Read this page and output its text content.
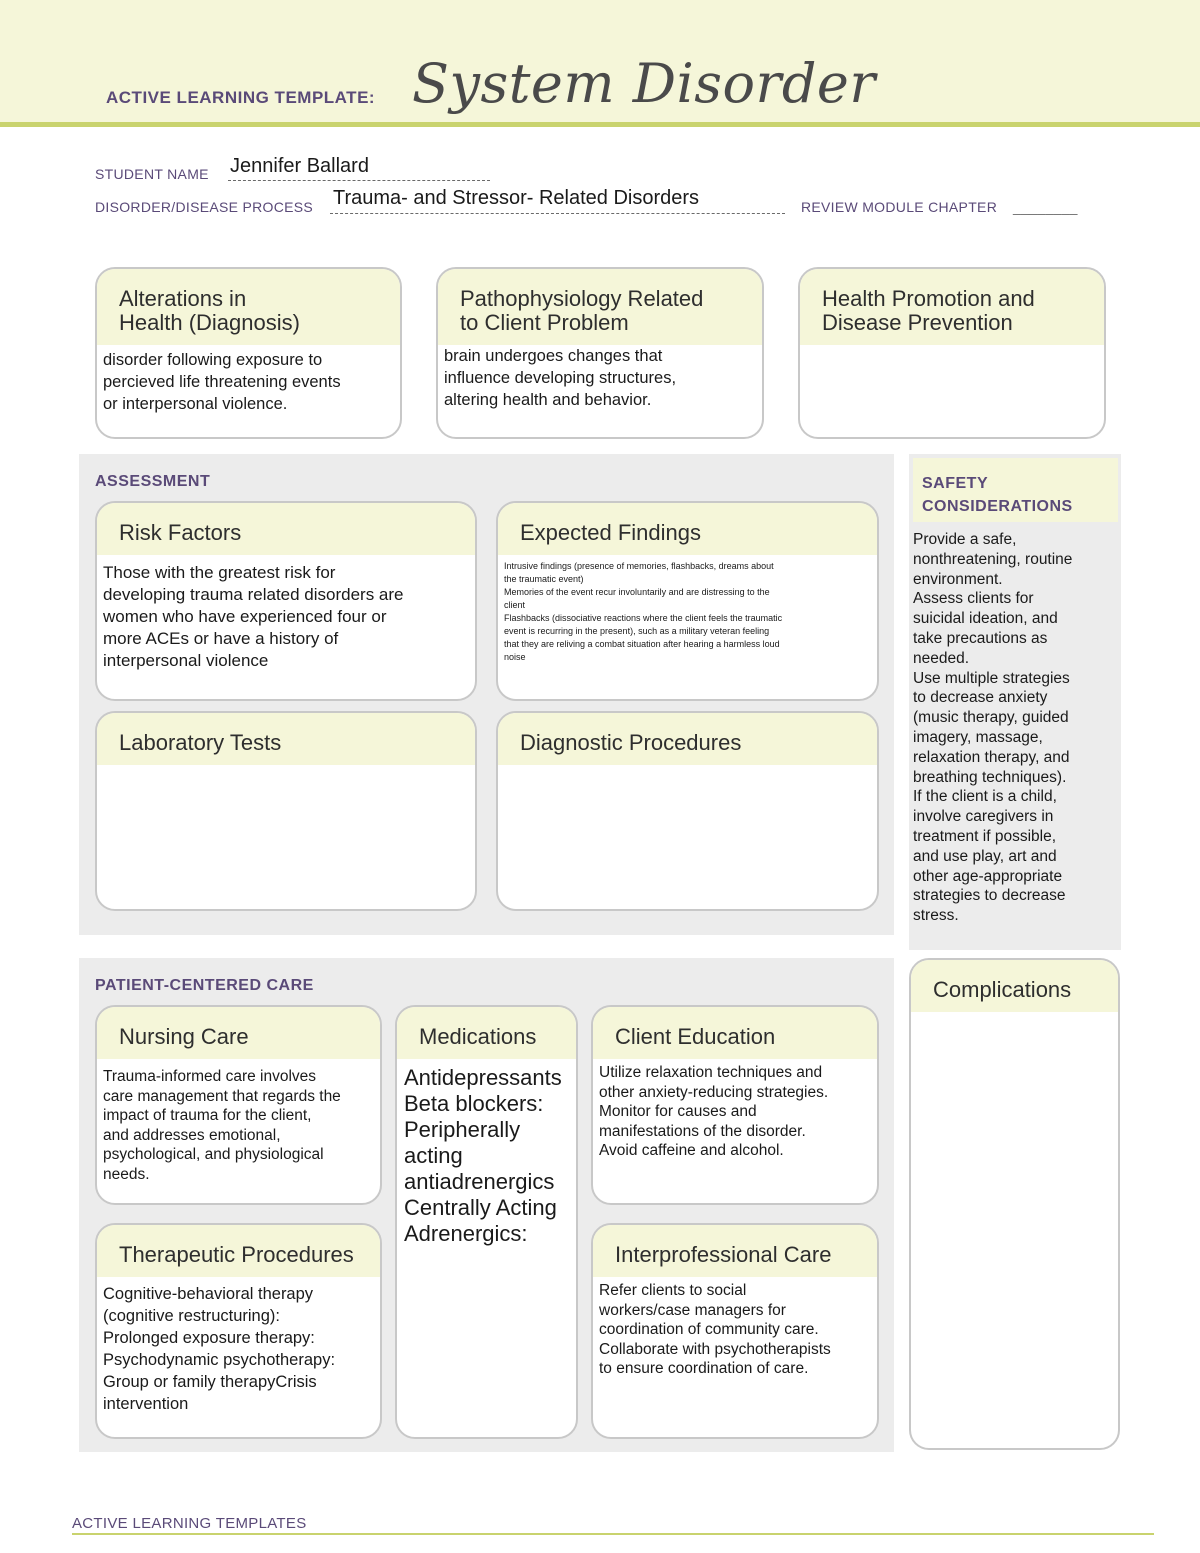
ACTIVE LEARNING TEMPLATE: System Disorder
STUDENT NAME Jennifer Ballard
DISORDER/DISEASE PROCESS Trauma- and Stressor- Related Disorders	REVIEW MODULE CHAPTER ________
Alterations in
Health (Diagnosis)
disorder following exposure to
percieved life threatening events
or interpersonal violence.
Pathophysiology Related
to Client Problem
brain undergoes changes that
influence developing structures,
altering health and behavior.
Health Promotion and
Disease Prevention
ASSESSMENT
Risk Factors
Those with the greatest risk for
developing trauma related disorders are
women who have experienced four or
more ACEs or have a history of
interpersonal violence
Expected Findings
Intrusive findings (presence of memories, flashbacks, dreams about
the traumatic event)
Memories of the event recur involuntarily and are distressing to the
client
Flashbacks (dissociative reactions where the client feels the traumatic
event is recurring in the present), such as a military veteran feeling
that they are reliving a combat situation after hearing a harmless loud
noise
Laboratory Tests	Diagnostic Procedures
SAFETY
CONSIDERATIONS
Provide a safe,
nonthreatening, routine
environment.
Assess clients for
suicidal ideation, and
take precautions as
needed.
Use multiple strategies
to decrease anxiety
(music therapy, guided
imagery, massage,
relaxation therapy, and
breathing techniques).
If the client is a child,
involve caregivers in
treatment if possible,
and use play, art and
other age-appropriate
strategies to decrease
stress.
PATIENT-CENTERED CARE
Nursing Care
Trauma-informed care involves
care management that regards the
impact of trauma for the client,
and addresses emotional,
psychological, and physiological
needs.
Medications
Antidepressants
Beta blockers:
Peripherally
acting
antiadrenergics
Centrally Acting
Adrenergics:
Client Education
Utilize relaxation techniques and
other anxiety-reducing strategies.
Monitor for causes and
manifestations of the disorder.
Avoid caffeine and alcohol.
Therapeutic Procedures
Cognitive-behavioral therapy
(cognitive restructuring):
Prolonged exposure therapy:
Psychodynamic psychotherapy:
Group or family therapyCrisis
intervention
Interprofessional Care
Refer clients to social
workers/case managers for
coordination of community care.
Collaborate with psychotherapists
to ensure coordination of care.
Complications
ACTIVE LEARNING TEMPLATES
